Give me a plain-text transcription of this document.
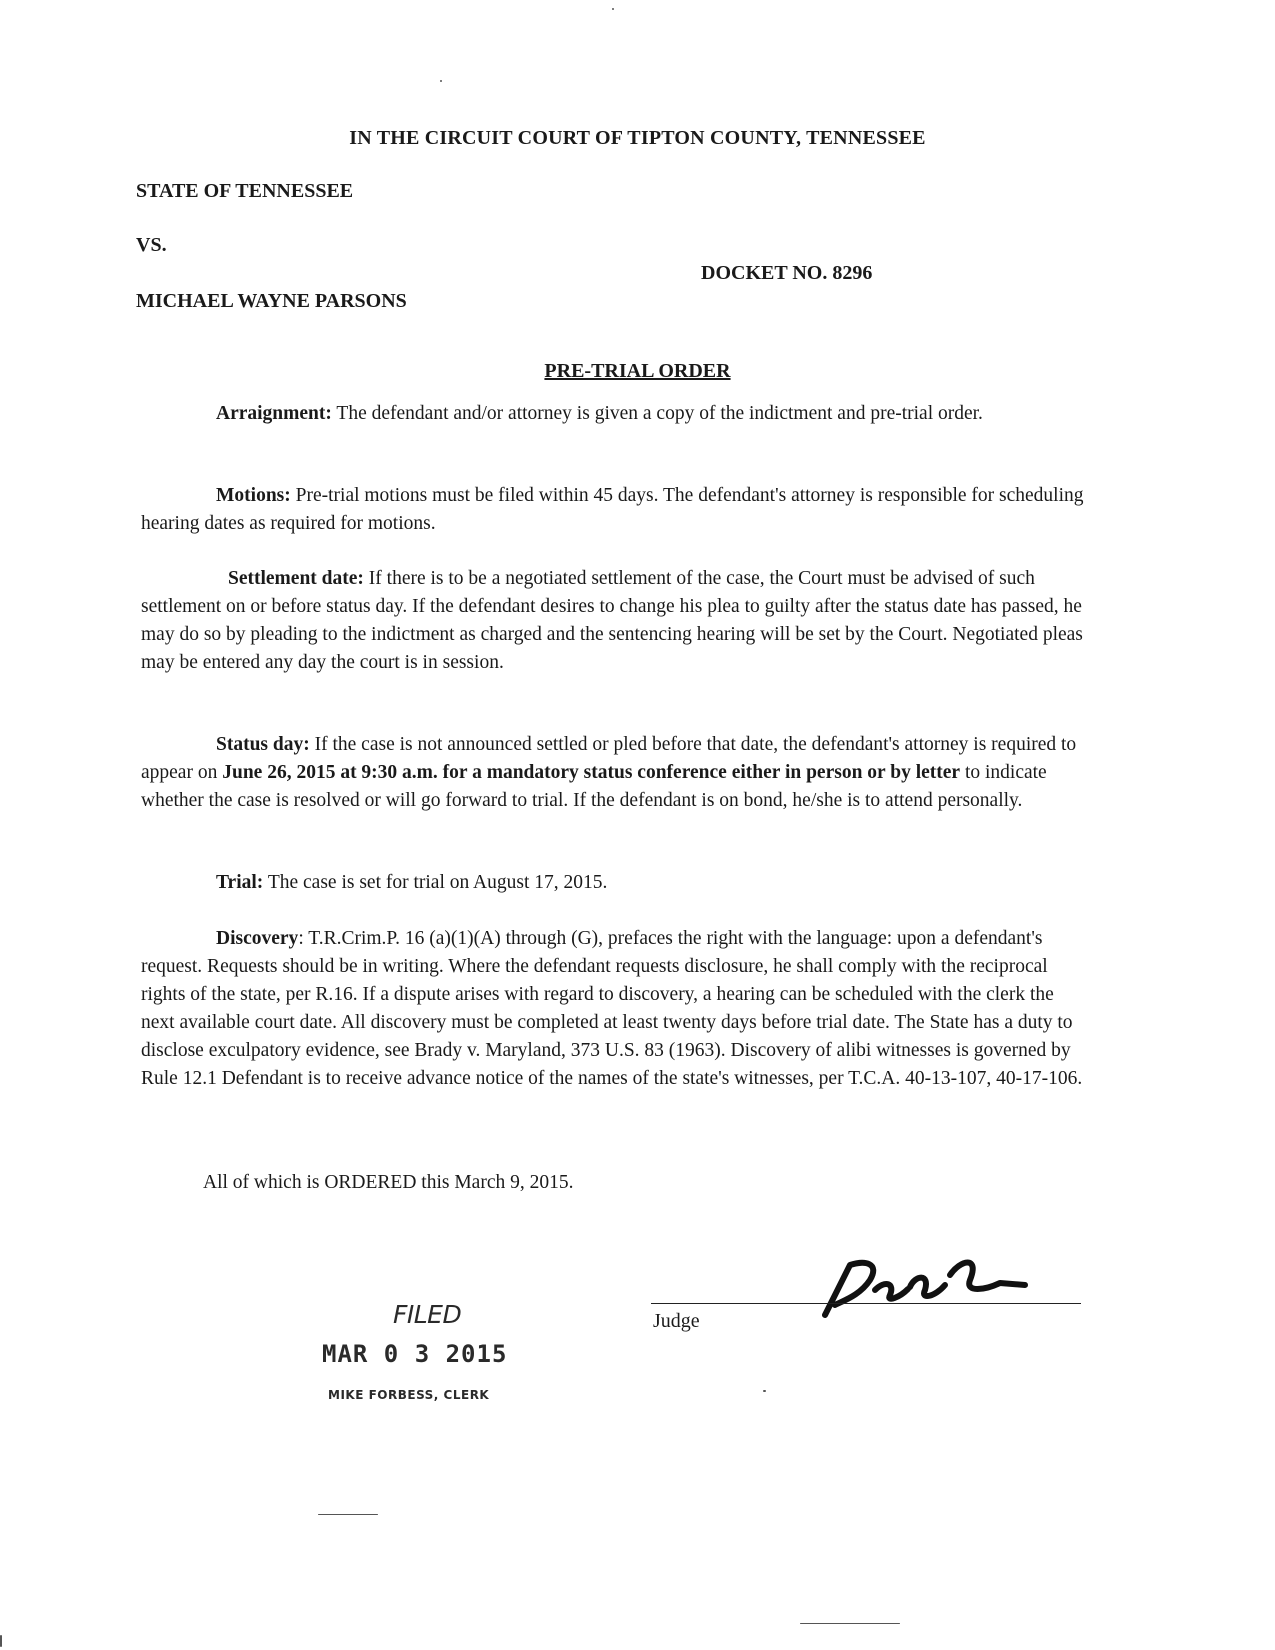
IN THE CIRCUIT COURT OF TIPTON COUNTY, TENNESSEE
STATE OF TENNESSEE
VS.
DOCKET NO. 8296
MICHAEL WAYNE PARSONS
PRE-TRIAL ORDER
Arraignment: The defendant and/or attorney is given a copy of the indictment and pre-trial order.
Motions: Pre-trial motions must be filed within 45 days. The defendant's attorney is responsible for scheduling hearing dates as required for motions.
Settlement date: If there is to be a negotiated settlement of the case, the Court must be advised of such settlement on or before status day. If the defendant desires to change his plea to guilty after the status date has passed, he may do so by pleading to the indictment as charged and the sentencing hearing will be set by the Court. Negotiated pleas may be entered any day the court is in session.
Status day: If the case is not announced settled or pled before that date, the defendant's attorney is required to appear on June 26, 2015 at 9:30 a.m. for a mandatory status conference either in person or by letter to indicate whether the case is resolved or will go forward to trial. If the defendant is on bond, he/she is to attend personally.
Trial: The case is set for trial on August 17, 2015.
Discovery: T.R.Crim.P. 16 (a)(1)(A) through (G), prefaces the right with the language: upon a defendant's request. Requests should be in writing. Where the defendant requests disclosure, he shall comply with the reciprocal rights of the state, per R.16. If a dispute arises with regard to discovery, a hearing can be scheduled with the clerk the next available court date. All discovery must be completed at least twenty days before trial date. The State has a duty to disclose exculpatory evidence, see Brady v. Maryland, 373 U.S. 83 (1963). Discovery of alibi witnesses is governed by Rule 12.1 Defendant is to receive advance notice of the names of the state's witnesses, per T.C.A. 40-13-107, 40-17-106.
All of which is ORDERED this March 9, 2015.
Judge
FILED
MAR 0 3 2015
MIKE FORBESS, CLERK
